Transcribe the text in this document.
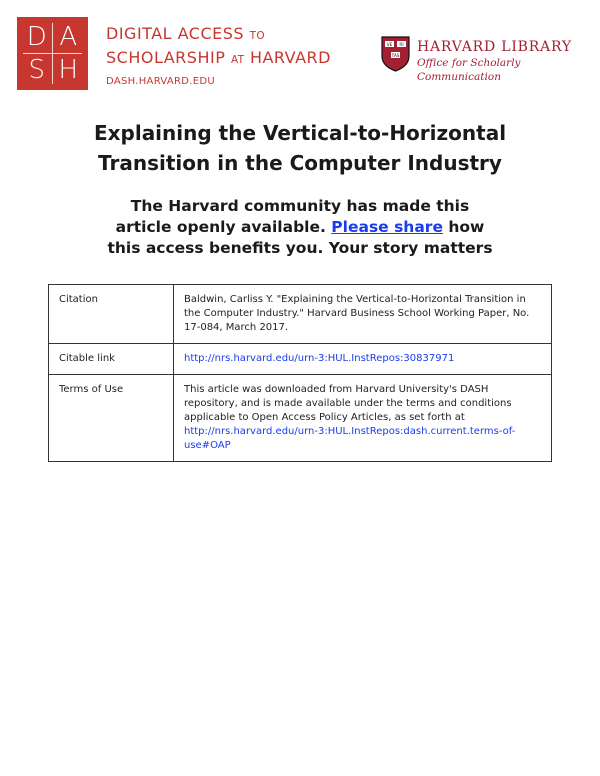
D A
S H
DIGITAL ACCESS TO
SCHOLARSHIP AT HARVARD
DASH.HARVARD.EDU
VE RI
TAS
HARVARD LIBRARY
Office for Scholarly Communication
Explaining the Vertical-to-Horizontal
Transition in the Computer Industry
The Harvard community has made this
article openly available. Please share how
this access benefits you. Your story matters
Citation	Baldwin, Carliss Y. "Explaining the Vertical-to-Horizontal Transition in the Computer Industry." Harvard Business School Working Paper, No. 17-084, March 2017.
Citable link	http://nrs.harvard.edu/urn-3:HUL.InstRepos:30837971
Terms of Use	This article was downloaded from Harvard University's DASH repository, and is made available under the terms and conditions applicable to Open Access Policy Articles, as set forth at http://nrs.harvard.edu/urn-3:HUL.InstRepos:dash.current.terms-of-use#OAP
